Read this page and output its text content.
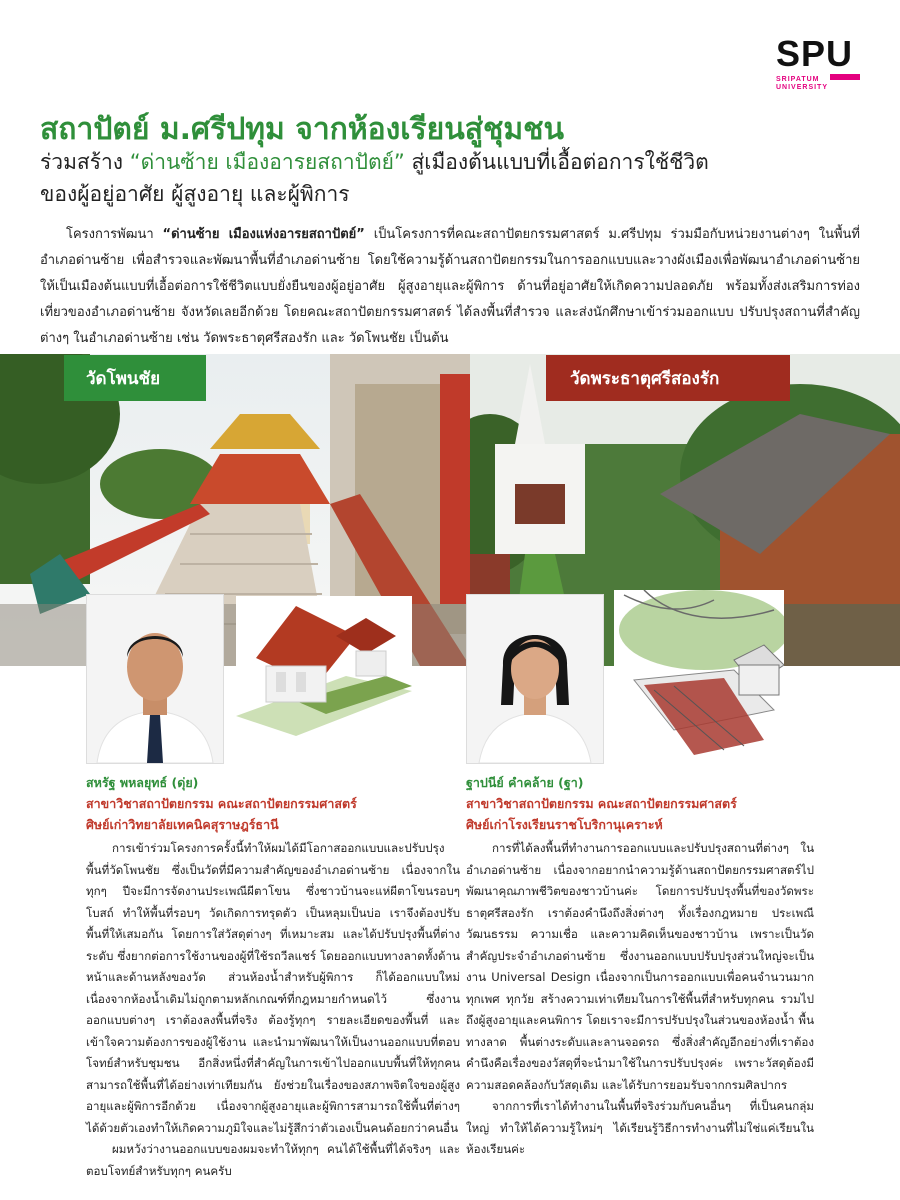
SPU
SRIPATUM
UNIVERSITY
สถาปัตย์ ม.ศรีปทุม จากห้องเรียนสู่ชุมชน
ร่วมสร้าง “ด่านซ้าย เมืองอารยสถาปัตย์” สู่เมืองต้นแบบที่เอื้อต่อการใช้ชีวิต
ของผู้อยู่อาศัย ผู้สูงอายุ และผู้พิการ
โครงการพัฒนา “ด่านซ้าย เมืองแห่งอารยสถาปัตย์” เป็นโครงการที่คณะสถาปัตยกรรมศาสตร์ ม.ศรีปทุม ร่วมมือกับหน่วยงานต่างๆ ในพื้นที่อำเภอด่านซ้าย เพื่อสำรวจและพัฒนาพื้นที่อำเภอด่านซ้าย โดยใช้ความรู้ด้านสถาปัตยกรรมในการออกแบบและวางผังเมืองเพื่อพัฒนาอำเภอด่านซ้ายให้เป็นเมืองต้นแบบที่เอื้อต่อการใช้ชีวิตแบบยั่งยืนของผู้อยู่อาศัย ผู้สูงอายุและผู้พิการ ด้านที่อยู่อาศัยให้เกิดความปลอดภัย พร้อมทั้งส่งเสริมการท่องเที่ยวของอำเภอด่านซ้าย จังหวัดเลยอีกด้วย โดยคณะสถาปัตยกรรมศาสตร์ ได้ลงพื้นที่สำรวจ และส่งนักศึกษาเข้าร่วมออกแบบ ปรับปรุงสถานที่สำคัญต่างๆ ในอำเภอด่านซ้าย เช่น วัดพระธาตุศรีสองรัก และ วัดโพนชัย เป็นต้น
วัดโพนชัย	วัดพระธาตุศรีสองรัก
สหรัฐ พหลยุทธ์ (ดุ่ย)
สาขาวิชาสถาปัตยกรรม คณะสถาปัตยกรรมศาสตร์
ศิษย์เก่าวิทยาลัยเทคนิคสุราษฎร์ธานี

การเข้าร่วมโครงการครั้งนี้ทำให้ผมได้มีโอกาสออกแบบและปรับปรุงพื้นที่วัดโพนชัย ซึ่งเป็นวัดที่มีความสำคัญของอำเภอด่านซ้าย เนื่องจากในทุกๆ ปีจะมีการจัดงานประเพณีผีตาโขน ซึ่งชาวบ้านจะแห่ผีตาโขนรอบๆ โบสถ์ ทำให้พื้นที่รอบๆ วัดเกิดการทรุดตัว เป็นหลุมเป็นบ่อ เราจึงต้องปรับพื้นที่ให้เสมอกัน โดยการใส่วัสดุต่างๆ ที่เหมาะสม และได้ปรับปรุงพื้นที่ต่างระดับ ซึ่งยากต่อการใช้งานของผู้ที่ใช้รถวีลแชร์ โดยออกแบบทางลาดทั้งด้านหน้าและด้านหลังของวัด ส่วนห้องน้ำสำหรับผู้พิการ ก็ได้ออกแบบใหม่ เนื่องจากห้องน้ำเดิมไม่ถูกตามหลักเกณฑ์ที่กฎหมายกำหนดไว้ ซึ่งงานออกแบบต่างๆ เราต้องลงพื้นที่จริง ต้องรู้ทุกๆ รายละเอียดของพื้นที่ และเข้าใจความต้องการของผู้ใช้งาน และนำมาพัฒนาให้เป็นงานออกแบบที่ตอบโจทย์สำหรับชุมชน อีกสิ่งหนึ่งที่สำคัญในการเข้าไปออกแบบพื้นที่ให้ทุกคนสามารถใช้พื้นที่ได้อย่างเท่าเทียมกัน ยังช่วยในเรื่องของสภาพจิตใจของผู้สูงอายุและผู้พิการอีกด้วย เนื่องจากผู้สูงอายุและผู้พิการสามารถใช้พื้นที่ต่างๆ ได้ด้วยตัวเองทำให้เกิดความภูมิใจและไม่รู้สึกว่าตัวเองเป็นคนด้อยกว่าคนอื่น

ผมหวังว่างานออกแบบของผมจะทำให้ทุกๆ คนได้ใช้พื้นที่ได้จริงๆ และตอบโจทย์สำหรับทุกๆ คนครับ

ฐาปนีย์ คำคล้าย (ฐา)
สาขาวิชาสถาปัตยกรรม คณะสถาปัตยกรรมศาสตร์
ศิษย์เก่าโรงเรียนราชโบริกานุเคราะห์

การที่ได้ลงพื้นที่ทำงานการออกแบบและปรับปรุงสถานที่ต่างๆ ในอำเภอด่านซ้าย เนื่องจากอยากนำความรู้ด้านสถาปัตยกรรมศาสตร์ไปพัฒนาคุณภาพชีวิตของชาวบ้านค่ะ โดยการปรับปรุงพื้นที่ของวัดพระธาตุศรีสองรัก เราต้องคำนึงถึงสิ่งต่างๆ ทั้งเรื่องกฎหมาย ประเพณี วัฒนธรรม ความเชื่อ และความคิดเห็นของชาวบ้าน เพราะเป็นวัดสำคัญประจำอำเภอด่านซ้าย ซึ่งงานออกแบบปรับปรุงส่วนใหญ่จะเป็นงาน Universal Design เนื่องจากเป็นการออกแบบเพื่อคนจำนวนมาก ทุกเพศ ทุกวัย สร้างความเท่าเทียมในการใช้พื้นที่สำหรับทุกคน รวมไปถึงผู้สูงอายุและคนพิการ โดยเราจะมีการปรับปรุงในส่วนของห้องน้ำ พื้นทางลาด พื้นต่างระดับและลานจอดรถ ซึ่งสิ่งสำคัญอีกอย่างที่เราต้องคำนึงคือเรื่องของวัสดุที่จะนำมาใช้ในการปรับปรุงค่ะ เพราะวัสดุต้องมีความสอดคล้องกับวัสดุเดิม และได้รับการยอมรับจากกรมศิลปากร

จากการที่เราได้ทำงานในพื้นที่จริงร่วมกับคนอื่นๆ ที่เป็นคนกลุ่มใหญ่ ทำให้ได้ความรู้ใหม่ๆ ได้เรียนรู้วิธีการทำงานที่ไม่ใช่แค่เรียนในห้องเรียนค่ะ
